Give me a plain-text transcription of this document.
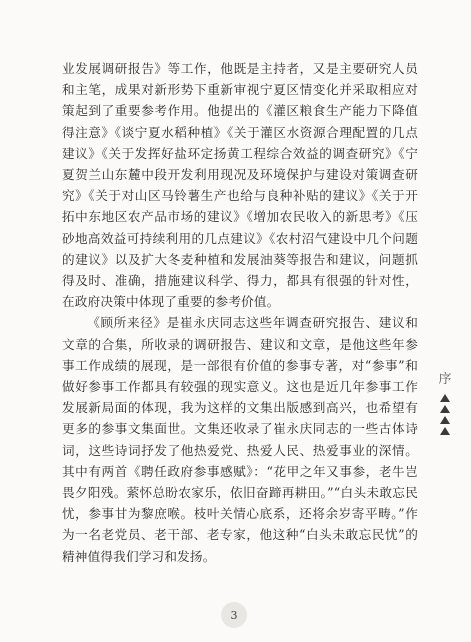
业发展调研报告》等工作，他既是主持者，又是主要研究人员和主笔，成果对新形势下重新审视宁夏区情变化并采取相应对策起到了重要参考作用。他提出的《灌区粮食生产能力下降值得注意》《谈宁夏水稻种植》《关于灌区水资源合理配置的几点建议》《关于发挥好盐环定扬黄工程综合效益的调查研究》《宁夏贺兰山东麓中段开发利用现况及环境保护与建设对策调查研究》《关于对山区马铃薯生产也给与良种补贴的建议》《关于开拓中东地区农产品市场的建议》《增加农民收入的新思考》《压砂地高效益可持续利用的几点建议》《农村沼气建设中几个问题的建议》以及扩大冬麦种植和发展油葵等报告和建议，问题抓得及时、准确，措施建议科学、得力，都具有很强的针对性，在政府决策中体现了重要的参考价值。

《顾所来径》是崔永庆同志这些年调查研究报告、建议和文章的合集，所收录的调研报告、建议和文章，是他这些年参事工作成绩的展现，是一部很有价值的参事专著，对“参事”和做好参事工作都具有较强的现实意义。这也是近几年参事工作发展新局面的体现，我为这样的文集出版感到高兴，也希望有更多的参事文集面世。文集还收录了崔永庆同志的一些古体诗词，这些诗词抒发了他热爱党、热爱人民、热爱事业的深情。其中有两首《聘任政府参事感赋》：“花甲之年又事参，老牛岂畏夕阳残。萦怀总盼农家乐，依旧奋蹄再耕田。”“白头未敢忘民忧，参事甘为黎庶喉。枝叶关情心底系，还将余岁寄平畴。”作为一名老党员、老干部、老专家，他这种“白头未敢忘民忧”的精神值得我们学习和发扬。

序
3
